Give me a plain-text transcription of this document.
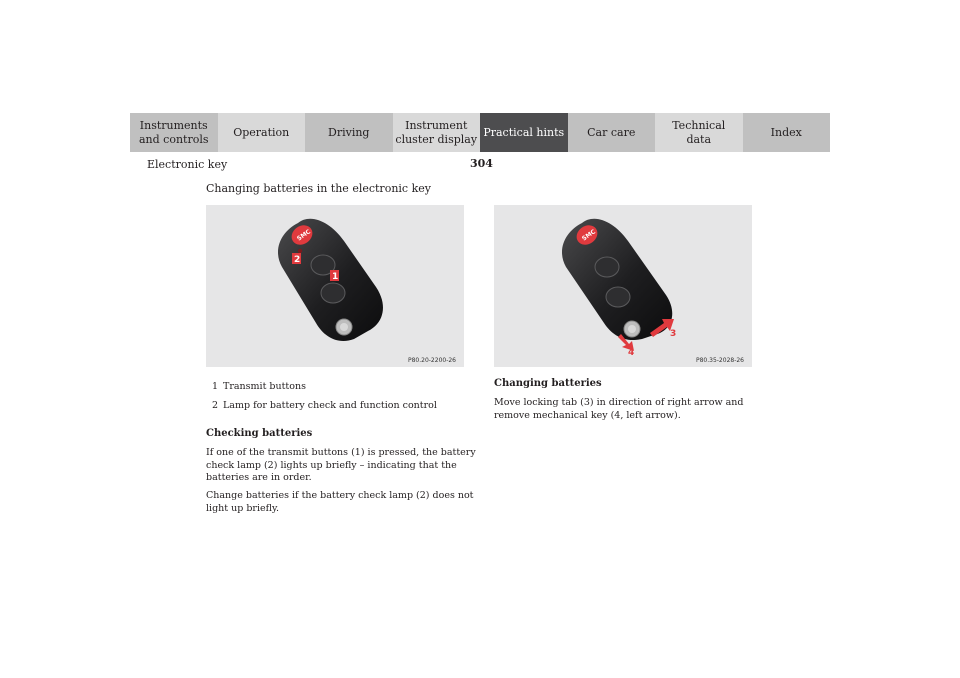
Instruments
and controls
Operation	Driving
Instrument
cluster display
Practical hints	Car care
Technical
data
Index
Electronic key	304
Changing batteries in the electronic key
SMC
2
1
P80.20-2200-26
SMC
3
4
P80.35-2028-26
1 Transmit buttons
2 Lamp for battery check and function control
Checking batteries
If one of the transmit buttons (1) is pressed, the battery check lamp (2) lights up briefly – indicating that the batteries are in order.
Change batteries if the battery check lamp (2) does not light up briefly.
Changing batteries
Move locking tab (3) in direction of right arrow and remove mechanical key (4, left arrow).
